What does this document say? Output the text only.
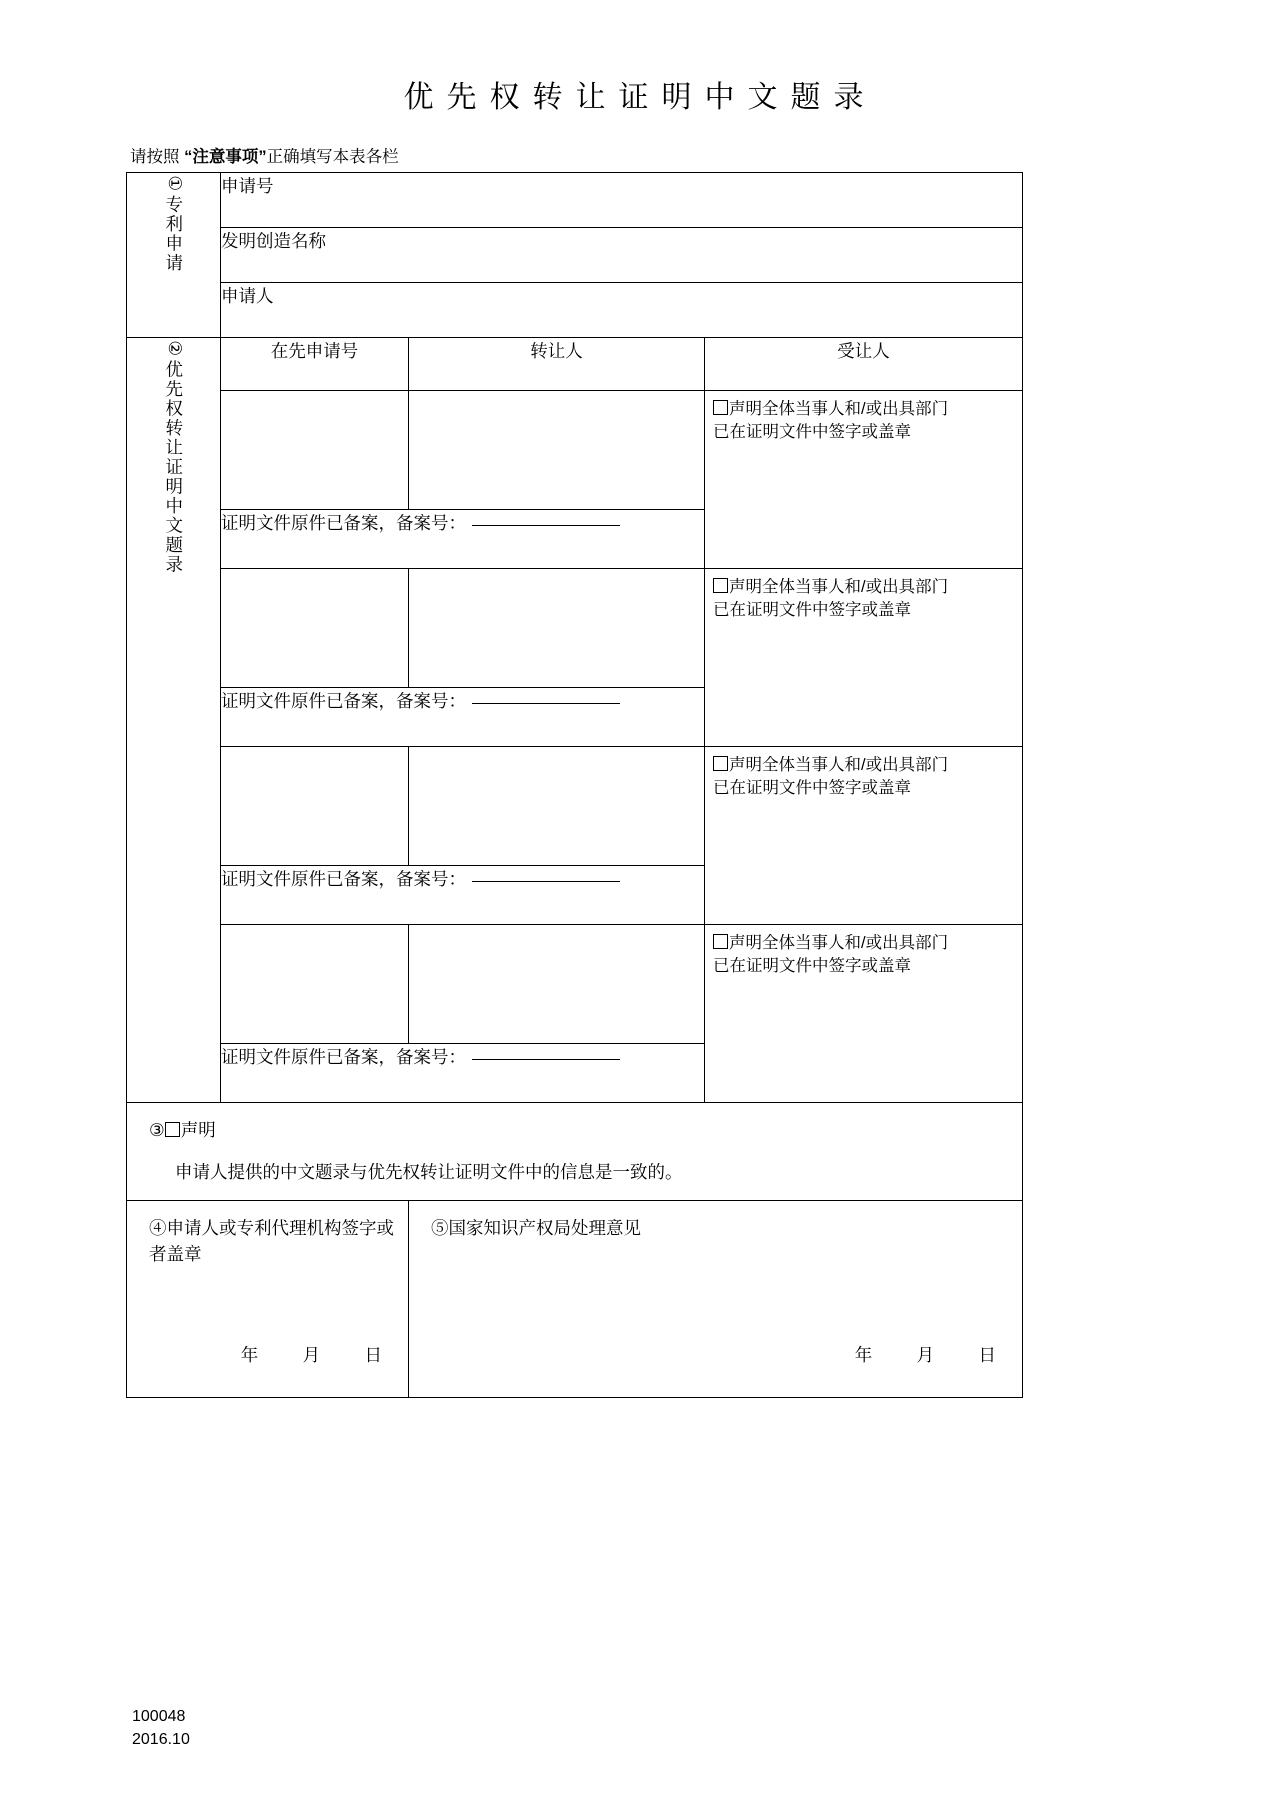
优先权转让证明中文题录
请按照 “注意事项”正确填写本表各栏
①专利申请	申请号		
	发明创造名称		
	申请人		
②优先权转让证明中文题录	在先申请号	转让人	受让人

			声明全体当事人和/或出具部门
已在证明文件中签字或盖章

	证明文件原件已备案，备案号：		

			声明全体当事人和/或出具部门
已在证明文件中签字或盖章

	证明文件原件已备案，备案号：		

			声明全体当事人和/或出具部门
已在证明文件中签字或盖章

	证明文件原件已备案，备案号：		

			声明全体当事人和/或出具部门
已在证明文件中签字或盖章

	证明文件原件已备案，备案号：		

③ 声明
申请人提供的中文题录与优先权转让证明文件中的信息是一致的。			

④申请人或专利代理机构签字或者盖章
年	月	日

⑤国家知识产权局处理意见
年	月	日
100048
2016.10
